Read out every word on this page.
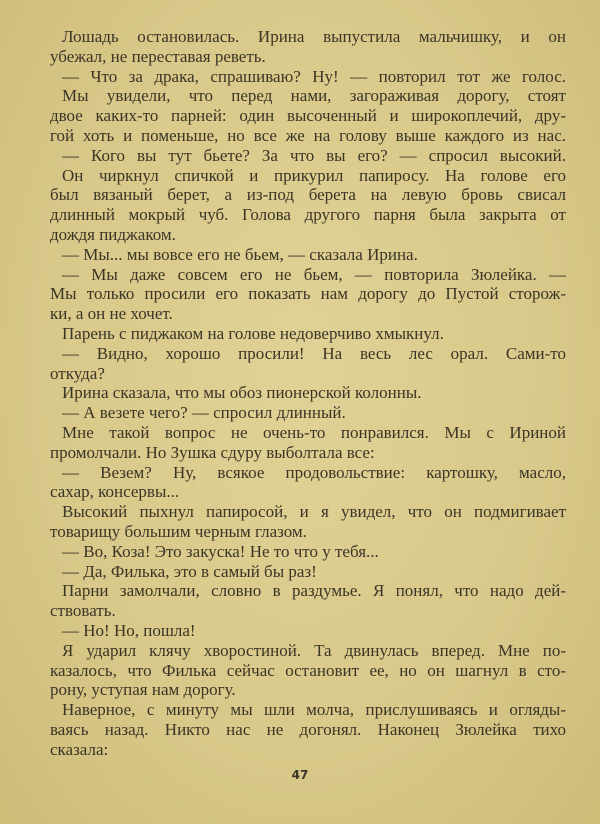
Лошадь остановилась. Ирина выпустила мальчишку, и он
убежал, не переставая реветь.
— Что за драка, спрашиваю? Ну! — повторил тот же голос.
Мы увидели, что перед нами, загораживая дорогу, стоят
двое каких-то парней: один высоченный и широкоплечий, дру-
гой хоть и поменьше, но все же на голову выше каждого из нас.
— Кого вы тут бьете? За что вы его? — спросил высокий.
Он чиркнул спичкой и прикурил папиросу. На голове его
был вязаный берет, а из-под берета на левую бровь свисал
длинный мокрый чуб. Голова другого парня была закрыта от
дождя пиджаком.
— Мы... мы вовсе его не бьем, — сказала Ирина.
— Мы даже совсем его не бьем, — повторила Зюлейка. —
Мы только просили его показать нам дорогу до Пустой сторож-
ки, а он не хочет.
Парень с пиджаком на голове недоверчиво хмыкнул.
— Видно, хорошо просили! На весь лес орал. Сами-то
откуда?
Ирина сказала, что мы обоз пионерской колонны.
— А везете чего? — спросил длинный.
Мне такой вопрос не очень-то понравился. Мы с Ириной
промолчали. Но Зушка сдуру выболтала все:
— Везем? Ну, всякое продовольствие: картошку, масло,
сахар, консервы...
Высокий пыхнул папиросой, и я увидел, что он подмигивает
товарищу большим черным глазом.
— Во, Коза! Это закуска! Не то что у тебя...
— Да, Филька, это в самый бы раз!
Парни замолчали, словно в раздумье. Я понял, что надо дей-
ствовать.
— Но! Но, пошла!
Я ударил клячу хворостиной. Та двинулась вперед. Мне по-
казалось, что Филька сейчас остановит ее, но он шагнул в сто-
рону, уступая нам дорогу.
Наверное, с минуту мы шли молча, прислушиваясь и огляды-
ваясь назад. Никто нас не догонял. Наконец Зюлейка тихо
сказала:
47
